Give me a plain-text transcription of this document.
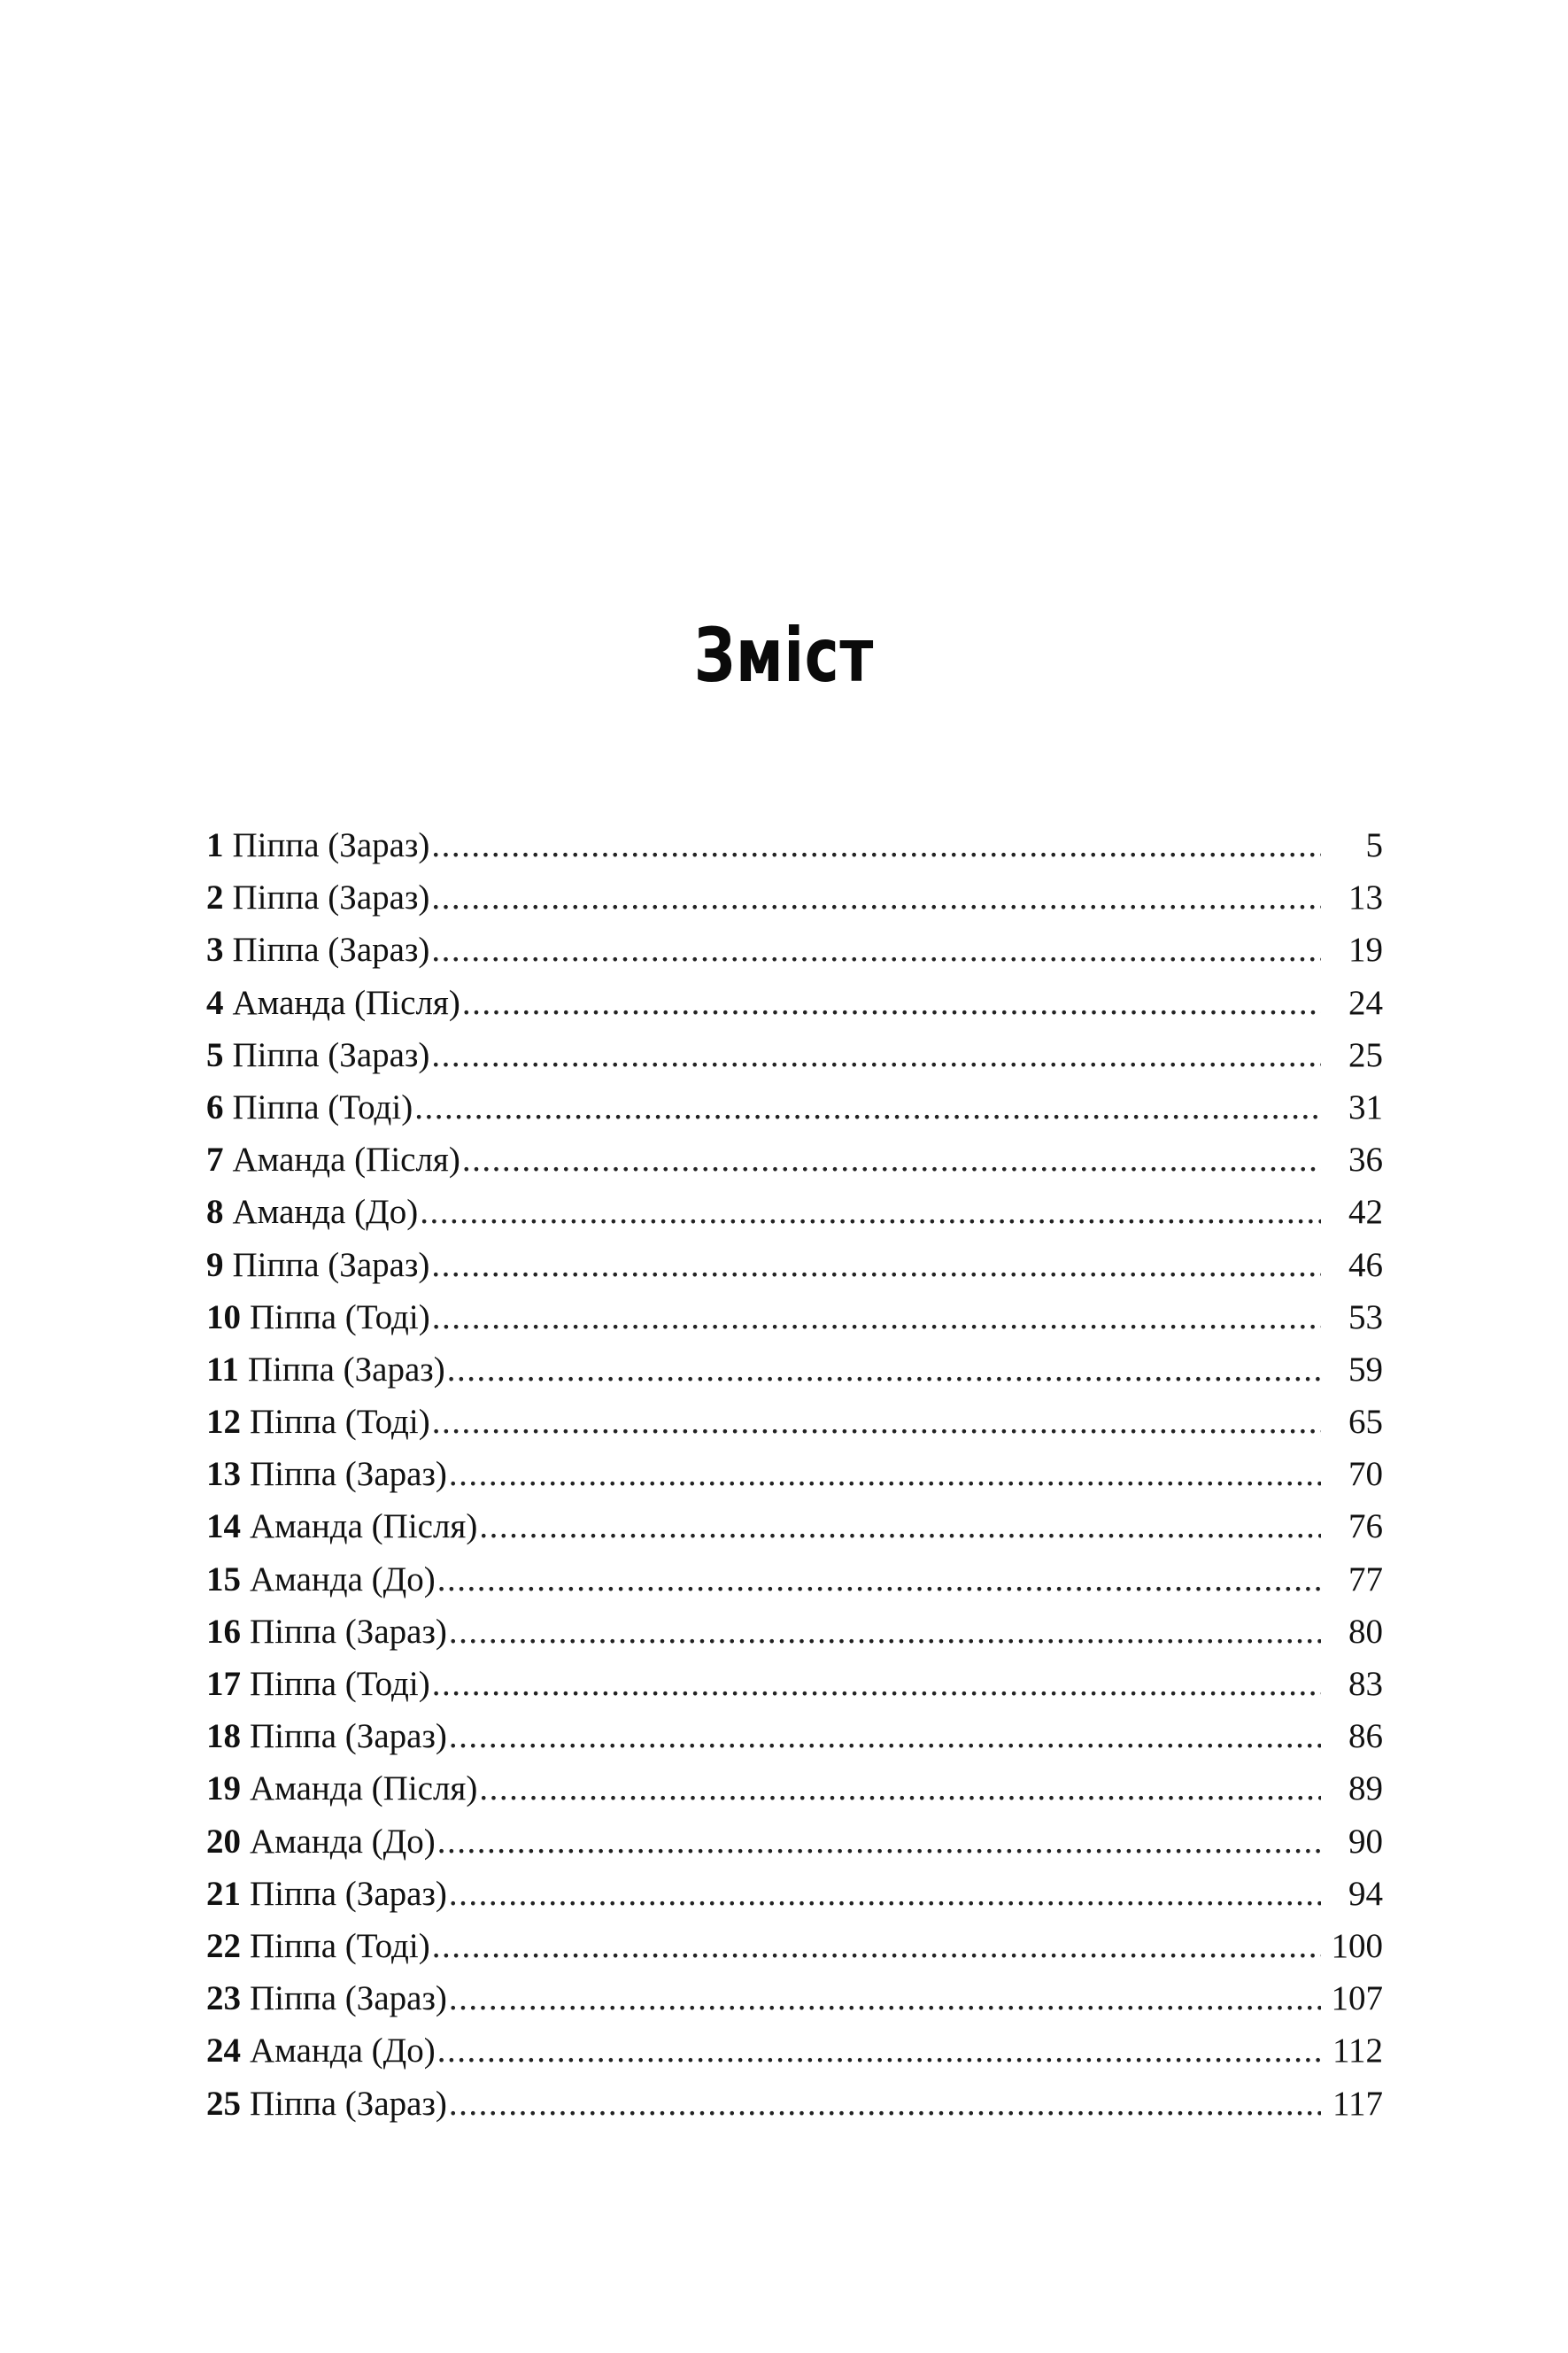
Зміст
1 Піппа (Зараз) .....	5
2 Піппа (Зараз) .....	13
3 Піппа (Зараз) .....	19
4 Аманда (Після) .....	24
5 Піппа (Зараз) .....	25
6 Піппа (Тоді) .....	31
7 Аманда (Після) .....	36
8 Аманда (До) .....	42
9 Піппа (Зараз) .....	46
10 Піппа (Тоді) .....	53
11 Піппа (Зараз) .....	59
12 Піппа (Тоді) .....	65
13 Піппа (Зараз) .....	70
14 Аманда (Після) .....	76
15 Аманда (До) .....	77
16 Піппа (Зараз) .....	80
17 Піппа (Тоді) .....	83
18 Піппа (Зараз) .....	86
19 Аманда (Після) .....	89
20 Аманда (До) .....	90
21 Піппа (Зараз) .....	94
22 Піппа (Тоді) .....	100
23 Піппа (Зараз) .....	107
24 Аманда (До) .....	112
25 Піппа (Зараз) .....	117
